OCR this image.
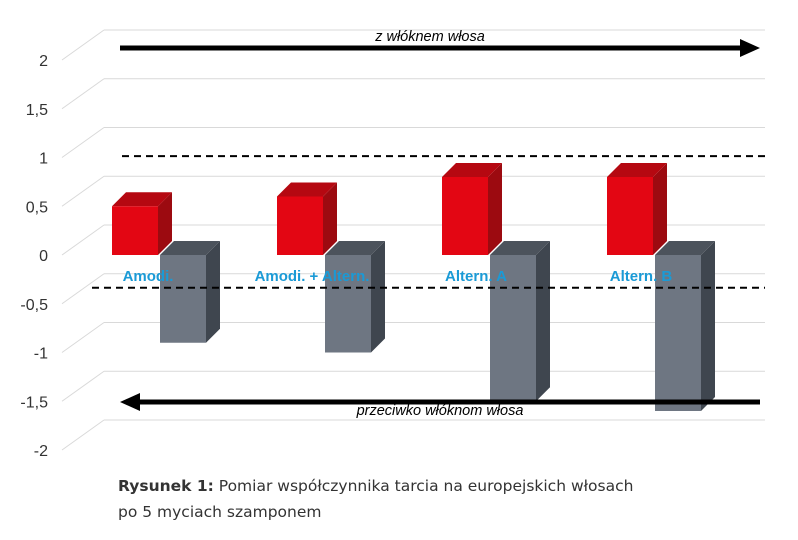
2
1,5
1
0,5
0
-0,5
-1
-1,5
-2
Amodi.	Amodi. + Altern.	Altern. A	Altern. B
z włóknem włosa
przeciwko włóknom włosa
Rysunek 1: Pomiar współczynnika tarcia na europejskich włosach
po 5 myciach szamponem
